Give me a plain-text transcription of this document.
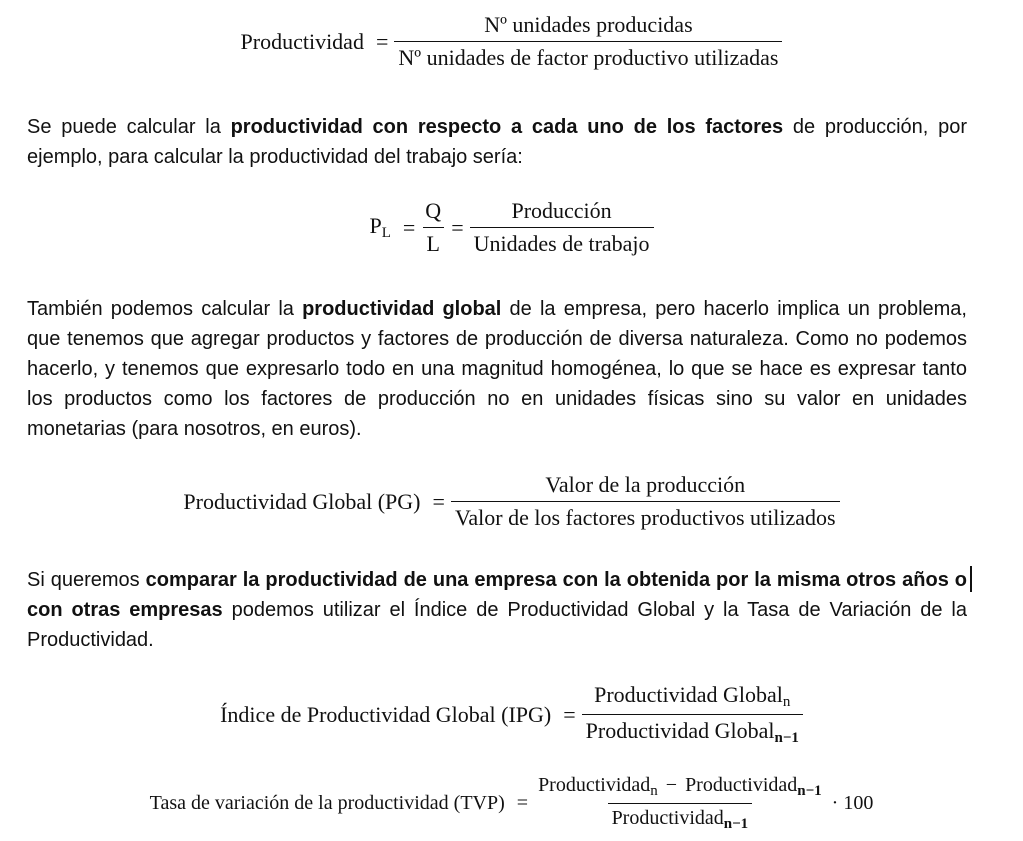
Productividad = $\frac{\text{Nº unidades producidas}}{\text{Nº unidades de factor productivo utilizadas}}$
Se puede calcular la productividad con respecto a cada uno de los factores de producción, por ejemplo, para calcular la productividad del trabajo sería:
$P_L = \frac{Q}{L} = \frac{\text{Producción}}{\text{Unidades de trabajo}}$
También podemos calcular la productividad global de la empresa, pero hacerlo implica un problema, que tenemos que agregar productos y factores de producción de diversa naturaleza. Como no podemos hacerlo, y tenemos que expresarlo todo en una magnitud homogénea, lo que se hace es expresar tanto los productos como los factores de producción no en unidades físicas sino su valor en unidades monetarias (para nosotros, en euros).
Productividad Global $(PG) = \frac{\text{Valor de la producción}}{\text{Valor de los factores productivos utilizados}}$
Si queremos comparar la productividad de una empresa con la obtenida por la misma otros años o con otras empresas podemos utilizar el Índice de Productividad Global y la Tasa de Variación de la Productividad.
Índice de Productividad Global $(IPG) = \frac{Productividad Global_n}{\text{Productividad Globaln−1}}$
Tasa de variación de la productividad $(TVP) = \frac{Productividad_n - Productividad_{n-1}}{Productividad_{n-1}} \cdot 100$
